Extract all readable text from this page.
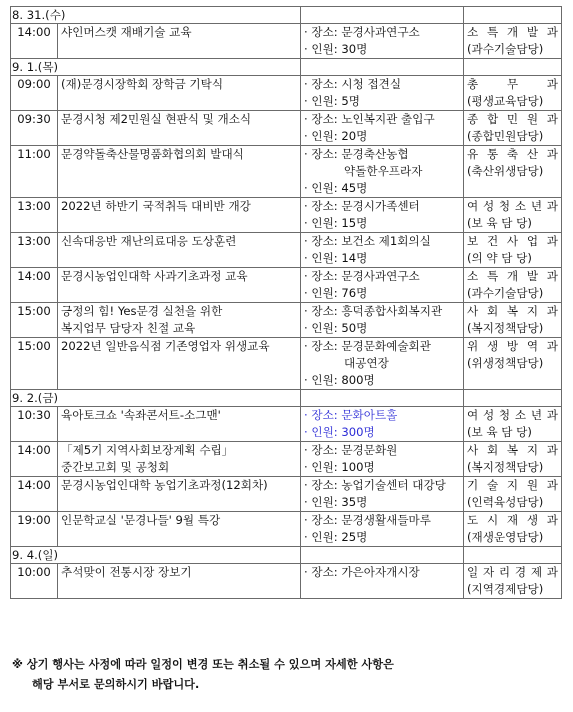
8. 31.(수)			
14:00	샤인머스캣 재배기술 교육	· 장소: 문경사과연구소
· 인원: 30명	소 특 개 발 과
(과수기술담당)

9. 1.(목)			
09:00	(재)문경시장학회 장학금 기탁식	· 장소: 시청 접견실
· 인원: 5명	총 무 과
(평생교육담당)

09:30	문경시청 제2민원실 현판식 및 개소식	· 장소: 노인복지관 출입구
· 인원: 20명	종 합 민 원 과
(종합민원담당)

11:00	문경약돌축산물명품화협의회 발대식	· 장소: 문경축산농협
약돌한우프라자
· 인원: 45명	유 통 축 산 과
(축산위생담당)

13:00	2022년 하반기 국적취득 대비반 개강	· 장소: 문경시가족센터
· 인원: 15명	여 성 청 소 년 과
(보 육 담 당)

13:00	신속대응반 재난의료대응 도상훈련	· 장소: 보건소 제1회의실
· 인원: 14명	보 건 사 업 과
(의 약 담 당)

14:00	문경시농업인대학 사과기초과정 교육	· 장소: 문경사과연구소
· 인원: 76명	소 특 개 발 과
(과수기술담당)

15:00	긍정의 힘! Yes문경 실천을 위한
복지업무 담당자 친절 교육	· 장소: 흥덕종합사회복지관
· 인원: 50명	사 회 복 지 과
(복지정책담당)

15:00	2022년 일반음식점 기존영업자 위생교육	· 장소: 문경문화예술회관
대공연장
· 인원: 800명	위 생 방 역 과
(위생정책담당)

9. 2.(금)			
10:30	육아토크쇼 '속좌콘서트-소그맨'	· 장소: 문화아트홀
· 인원: 300명	여 성 청 소 년 과
(보 육 담 당)

14:00	「제5기 지역사회보장계획 수립」
중간보고회 및 공청회	· 장소: 문경문화원
· 인원: 100명	사 회 복 지 과
(복지정책담당)

14:00	문경시농업인대학 농업기초과정(12회차)	· 장소: 농업기술센터 대강당
· 인원: 35명	기 술 지 원 과
(인력육성담당)

19:00	인문학교실 '문경나들' 9월 특강	· 장소: 문경생활새들마루
· 인원: 25명	도 시 재 생 과
(재생운영담당)

9. 4.(일)			
10:00	추석맞이 전통시장 장보기	· 장소: 가은아자개시장	일 자 리 경 제 과
(지역경제담당)
※ 상기 행사는 사정에 따라 일정이 변경 또는 취소될 수 있으며 자세한 사항은
해당 부서로 문의하시기 바랍니다.
